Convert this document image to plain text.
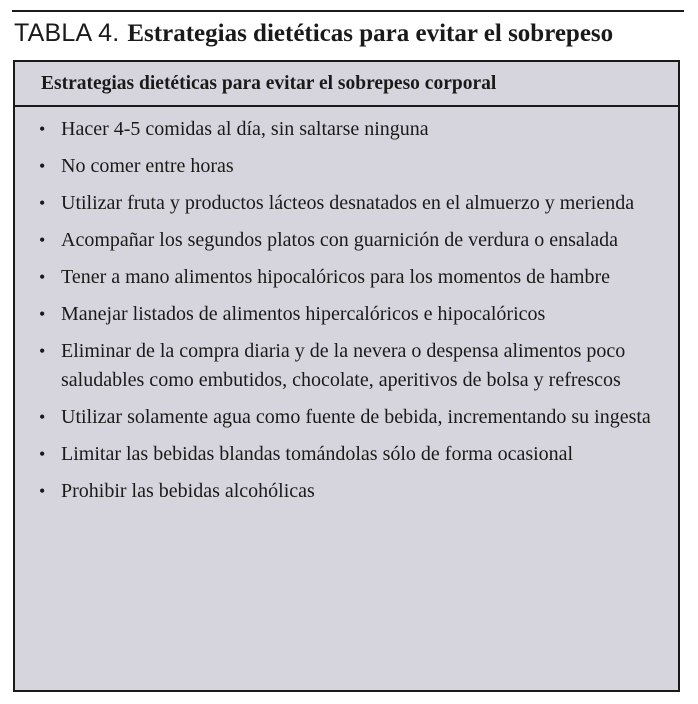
TABLA 4. Estrategias dietéticas para evitar el sobrepeso
Estrategias dietéticas para evitar el sobrepeso corporal
• Hacer 4-5 comidas al día, sin saltarse ninguna
• No comer entre horas
• Utilizar fruta y productos lácteos desnatados en el almuerzo y merienda
• Acompañar los segundos platos con guarnición de verdura o ensalada
• Tener a mano alimentos hipocalóricos para los momentos de hambre
• Manejar listados de alimentos hipercalóricos e hipocalóricos
• Eliminar de la compra diaria y de la nevera o despensa alimentos poco saludables como embutidos, chocolate, aperitivos de bolsa y refrescos
• Utilizar solamente agua como fuente de bebida, incrementando su ingesta
• Limitar las bebidas blandas tomándolas sólo de forma ocasional
• Prohibir las bebidas alcohólicas
